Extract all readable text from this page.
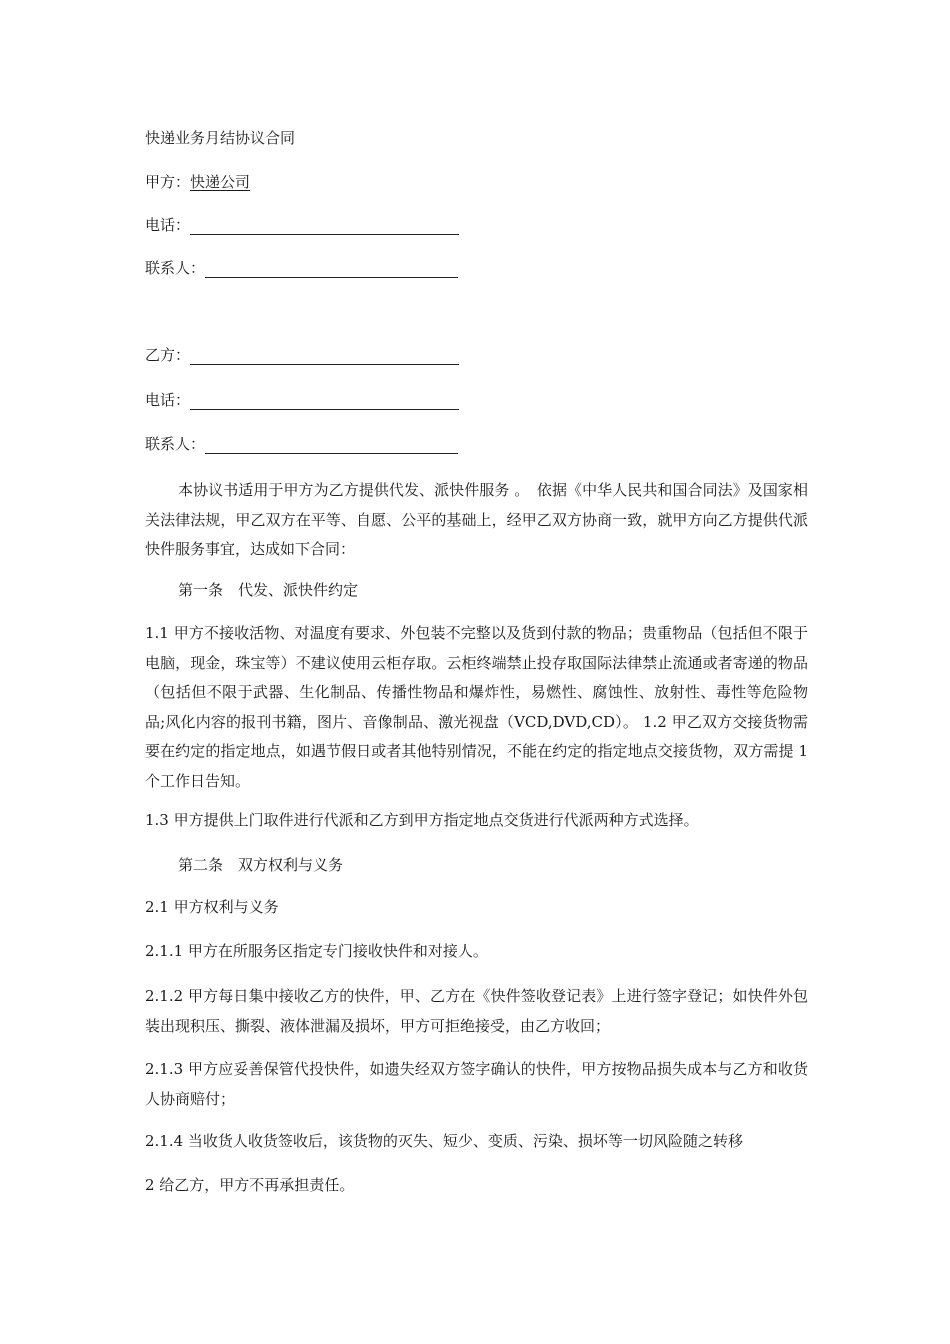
快递业务月结协议合同
甲方：快递公司
电话：
联系人：
乙方：
电话：
联系人：

本协议书适用于甲方为乙方提供代发、派快件服务 。　依据《中华人民共和国合同法》及国家相关法律法规，甲乙双方在平等、自愿、公平的基础上，经甲乙双方协商一致，就甲方向乙方提供代派快件服务事宜，达成如下合同：

第一条　代发、派快件约定

1.1 甲方不接收活物、对温度有要求、外包装不完整以及货到付款的物品；贵重物品（包括但不限于电脑，现金，珠宝等）不建议使用云柜存取。云柜终端禁止投存取国际法律禁止流通或者寄递的物品（包括但不限于武器、生化制品、传播性物品和爆炸性，易燃性、腐蚀性、放射性、毒性等危险物品;风化内容的报刊书籍，图片、音像制品、激光视盘（VCD,DVD,CD）。 1.2 甲乙双方交接货物需要在约定的指定地点，如遇节假日或者其他特别情况，不能在约定的指定地点交接货物，双方需提 1 个工作日告知。

1.3 甲方提供上门取件进行代派和乙方到甲方指定地点交货进行代派两种方式选择。

第二条　双方权利与义务

2.1 甲方权利与义务

2.1.1 甲方在所服务区指定专门接收快件和对接人。

2.1.2 甲方每日集中接收乙方的快件，甲、乙方在《快件签收登记表》上进行签字登记；如快件外包装出现积压、撕裂、液体泄漏及损坏，甲方可拒绝接受，由乙方收回；

2.1.3 甲方应妥善保管代投快件，如遗失经双方签字确认的快件，甲方按物品损失成本与乙方和收货人协商赔付；

2.1.4 当收货人收货签收后，该货物的灭失、短少、变质、污染、损坏等一切风险随之转移

2 给乙方，甲方不再承担责任。
